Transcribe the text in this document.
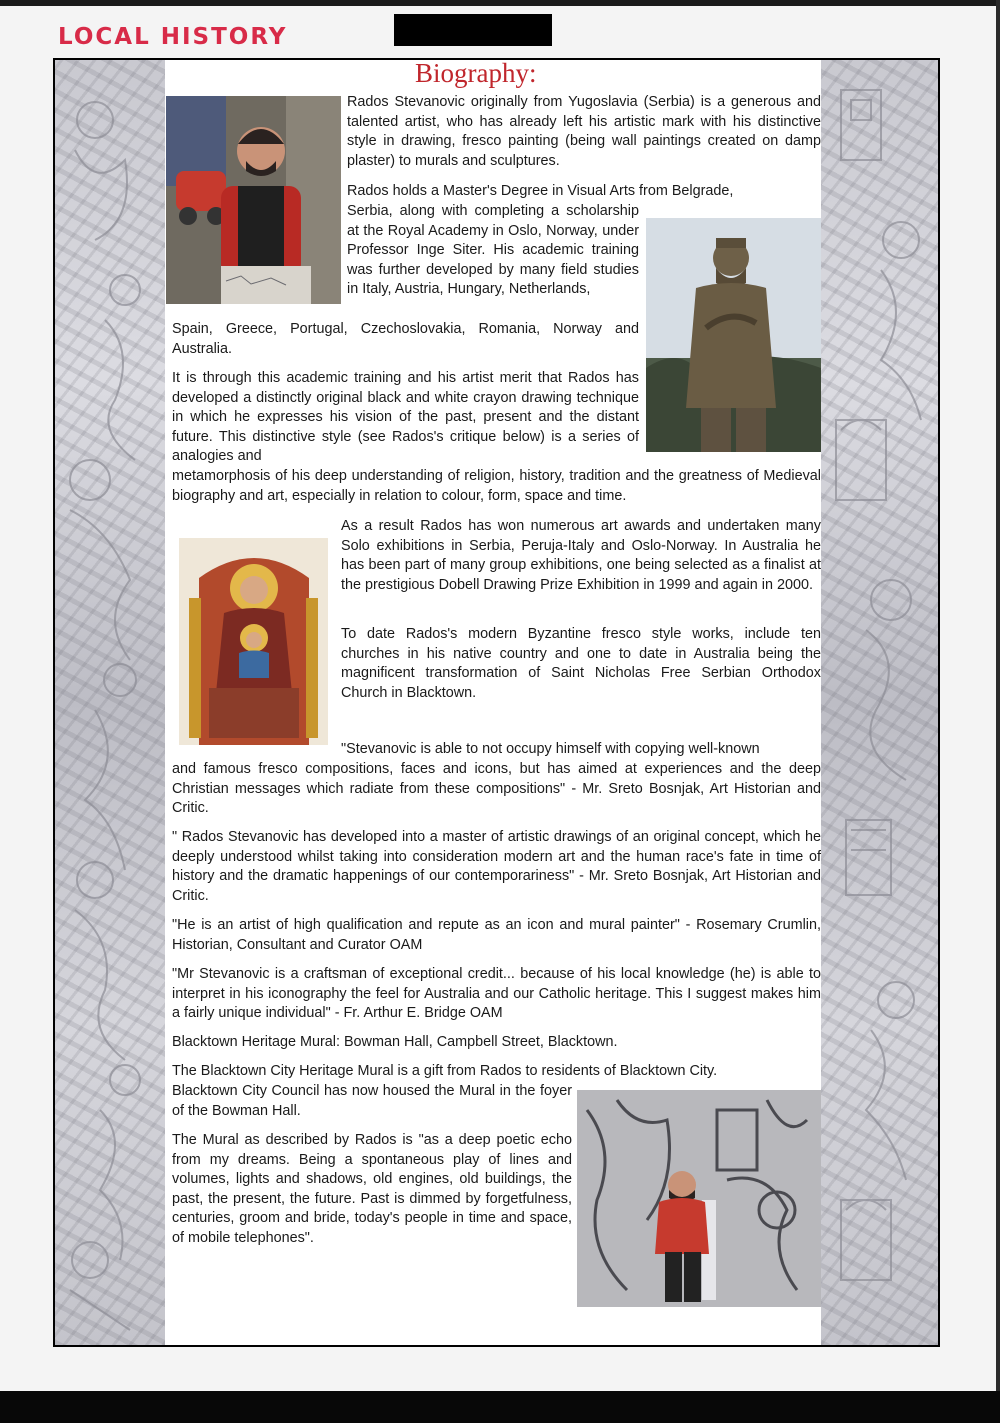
LOCAL HISTORY
Biography:

Rados Stevanovic originally from Yugoslavia (Serbia) is a generous and talented artist, who has already left his artistic mark with his distinctive style in drawing, fresco painting (being wall paintings created on damp plaster) to murals and sculptures.

Rados holds a Master's Degree in Visual Arts from Belgrade,

Serbia, along with completing a scholarship at the Royal Academy in Oslo, Norway, under Professor Inge Siter. His academic training was further developed by many field studies in Italy, Austria, Hungary, Netherlands,

Spain, Greece, Portugal, Czechoslovakia, Romania, Norway and Australia.

It is through this academic training and his artist merit that Rados has developed a distinctly original black and white crayon drawing technique in which he expresses his vision of the past, present and the distant future. This distinctive style (see Rados's critique below) is a series of analogies and

metamorphosis of his deep understanding of religion, history, tradition and the greatness of Medieval biography and art, especially in relation to colour, form, space and time.

As a result Rados has won numerous art awards and undertaken many Solo exhibitions in Serbia, Peruja-Italy and Oslo-Norway. In Australia he has been part of many group exhibitions, one being selected as a finalist at the prestigious Dobell Drawing Prize Exhibition in 1999 and again in 2000.

To date Rados's modern Byzantine fresco style works, include ten churches in his native country and one to date in Australia being the magnificent transformation of Saint Nicholas Free Serbian Orthodox Church in Blacktown.

"Stevanovic is able to not occupy himself with copying well-known

and famous fresco compositions, faces and icons, but has aimed at experiences and the deep Christian messages which radiate from these compositions" - Mr. Sreto Bosnjak, Art Historian and Critic.

" Rados Stevanovic has developed into a master of artistic drawings of an original concept, which he deeply understood whilst taking into consideration modern art and the human race's fate in time of history and the dramatic happenings of our contemporariness" - Mr. Sreto Bosnjak, Art Historian and Critic.

"He is an artist of high qualification and repute as an icon and mural painter" - Rosemary Crumlin, Historian, Consultant and Curator OAM

"Mr Stevanovic is a craftsman of exceptional credit... because of his local knowledge (he) is able to interpret in his iconography the feel for Australia and our Catholic heritage. This I suggest makes him a fairly unique individual" - Fr. Arthur E. Bridge OAM

Blacktown Heritage Mural: Bowman Hall, Campbell Street, Blacktown.

The Blacktown City Heritage Mural is a gift from Rados to residents of Blacktown City.

Blacktown City Council has now housed the Mural in the foyer of the Bowman Hall.

The Mural as described by Rados is "as a deep poetic echo from my dreams. Being a spontaneous play of lines and volumes, lights and shadows, old engines, old buildings, the past, the present, the future. Past is dimmed by forgetfulness, centuries, groom and bride, today's people in time and space, of mobile telephones".
